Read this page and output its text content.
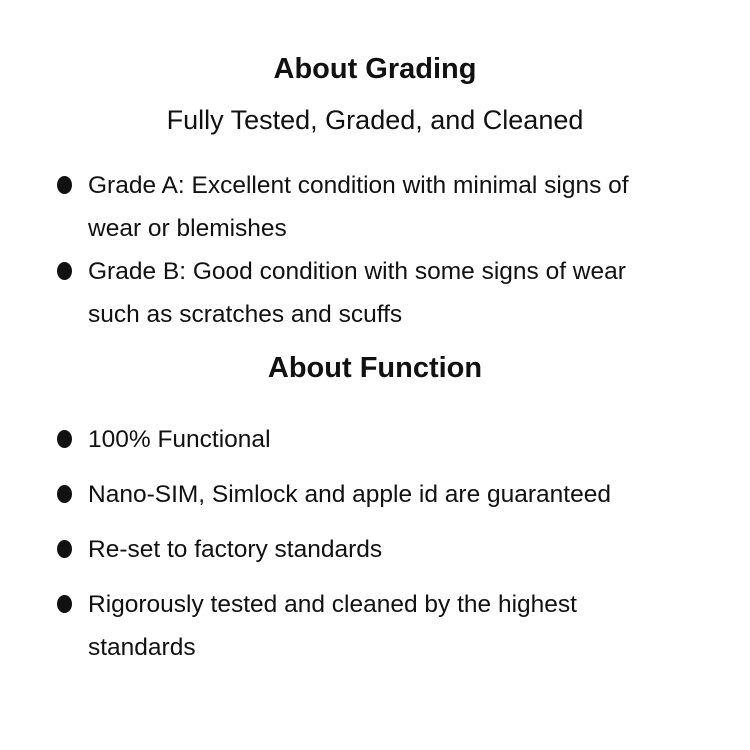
About Grading
Fully Tested, Graded, and Cleaned
Grade A: Excellent condition with minimal signs of wear or blemishes
Grade B: Good condition with some signs of wear such as scratches and scuffs
About Function
100% Functional
Nano-SIM, Simlock and apple id are guaranteed
Re-set to factory standards
Rigorously tested and cleaned by the highest standards
